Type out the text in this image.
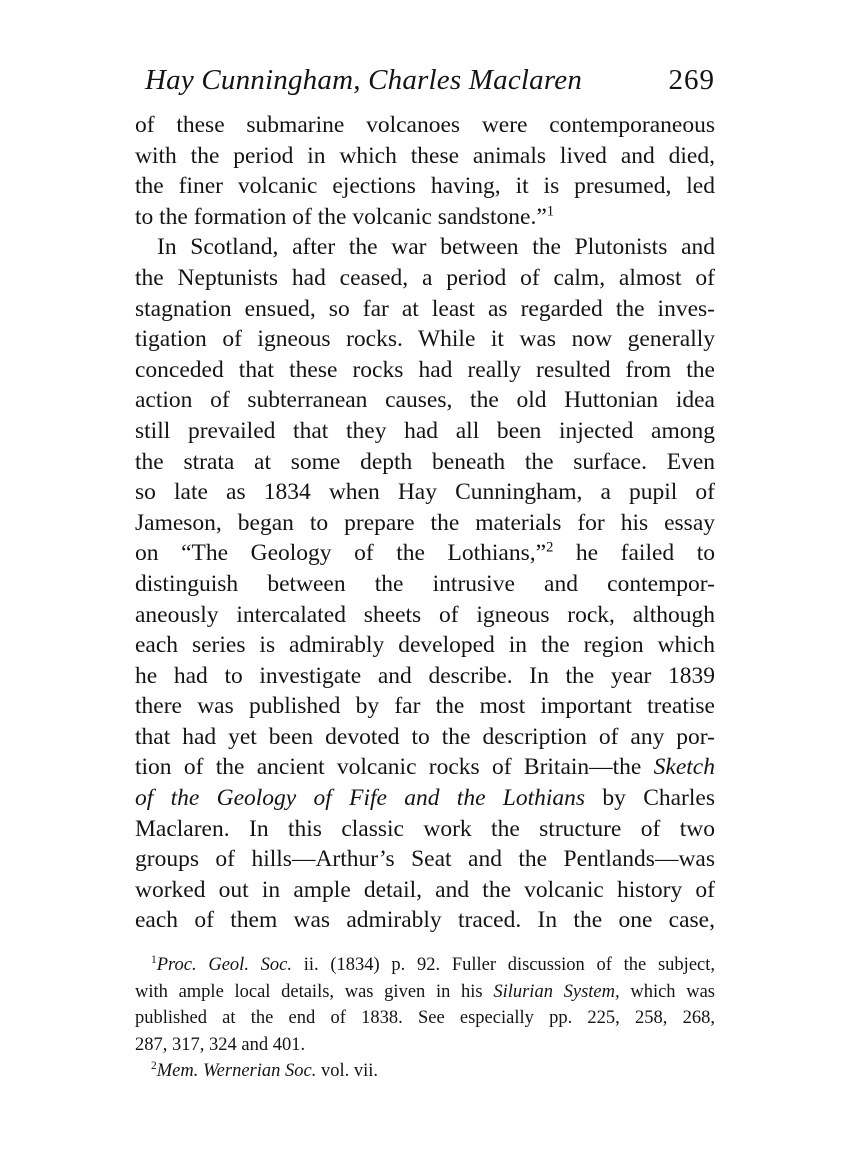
Hay Cunningham, Charles Maclaren	269
of these submarine volcanoes were contemporaneous
with the period in which these animals lived and died,
the finer volcanic ejections having, it is presumed, led
to the formation of the volcanic sandstone.”$^1$
In Scotland, after the war between the Plutonists and
the Neptunists had ceased, a period of calm, almost of
stagnation ensued, so far at least as regarded the inves-
tigation of igneous rocks. While it was now generally
conceded that these rocks had really resulted from the
action of subterranean causes, the old Huttonian idea
still prevailed that they had all been injected among
the strata at some depth beneath the surface. Even
so late as 1834 when Hay Cunningham, a pupil of
Jameson, began to prepare the materials for his essay
on “The Geology of the Lothians,”$^2$ he failed to
distinguish between the intrusive and contempor-
aneously intercalated sheets of igneous rock, although
each series is admirably developed in the region which
he had to investigate and describe. In the year 1839
there was published by far the most important treatise
that had yet been devoted to the description of any por-
tion of the ancient volcanic rocks of Britain—the Sketch
of the Geology of Fife and the Lothians by Charles
Maclaren. In this classic work the structure of two
groups of hills—Arthur’s Seat and the Pentlands—was
worked out in ample detail, and the volcanic history of
each of them was admirably traced. In the one case,
$^1$Proc. Geol. Soc. ii. (1834) p. 92. Fuller discussion of the subject,
with ample local details, was given in his Silurian System, which was
published at the end of 1838. See especially pp. 225, 258, 268,
287, 317, 324 and 401.
$^2$Mem. Wernerian Soc. vol. vii.
